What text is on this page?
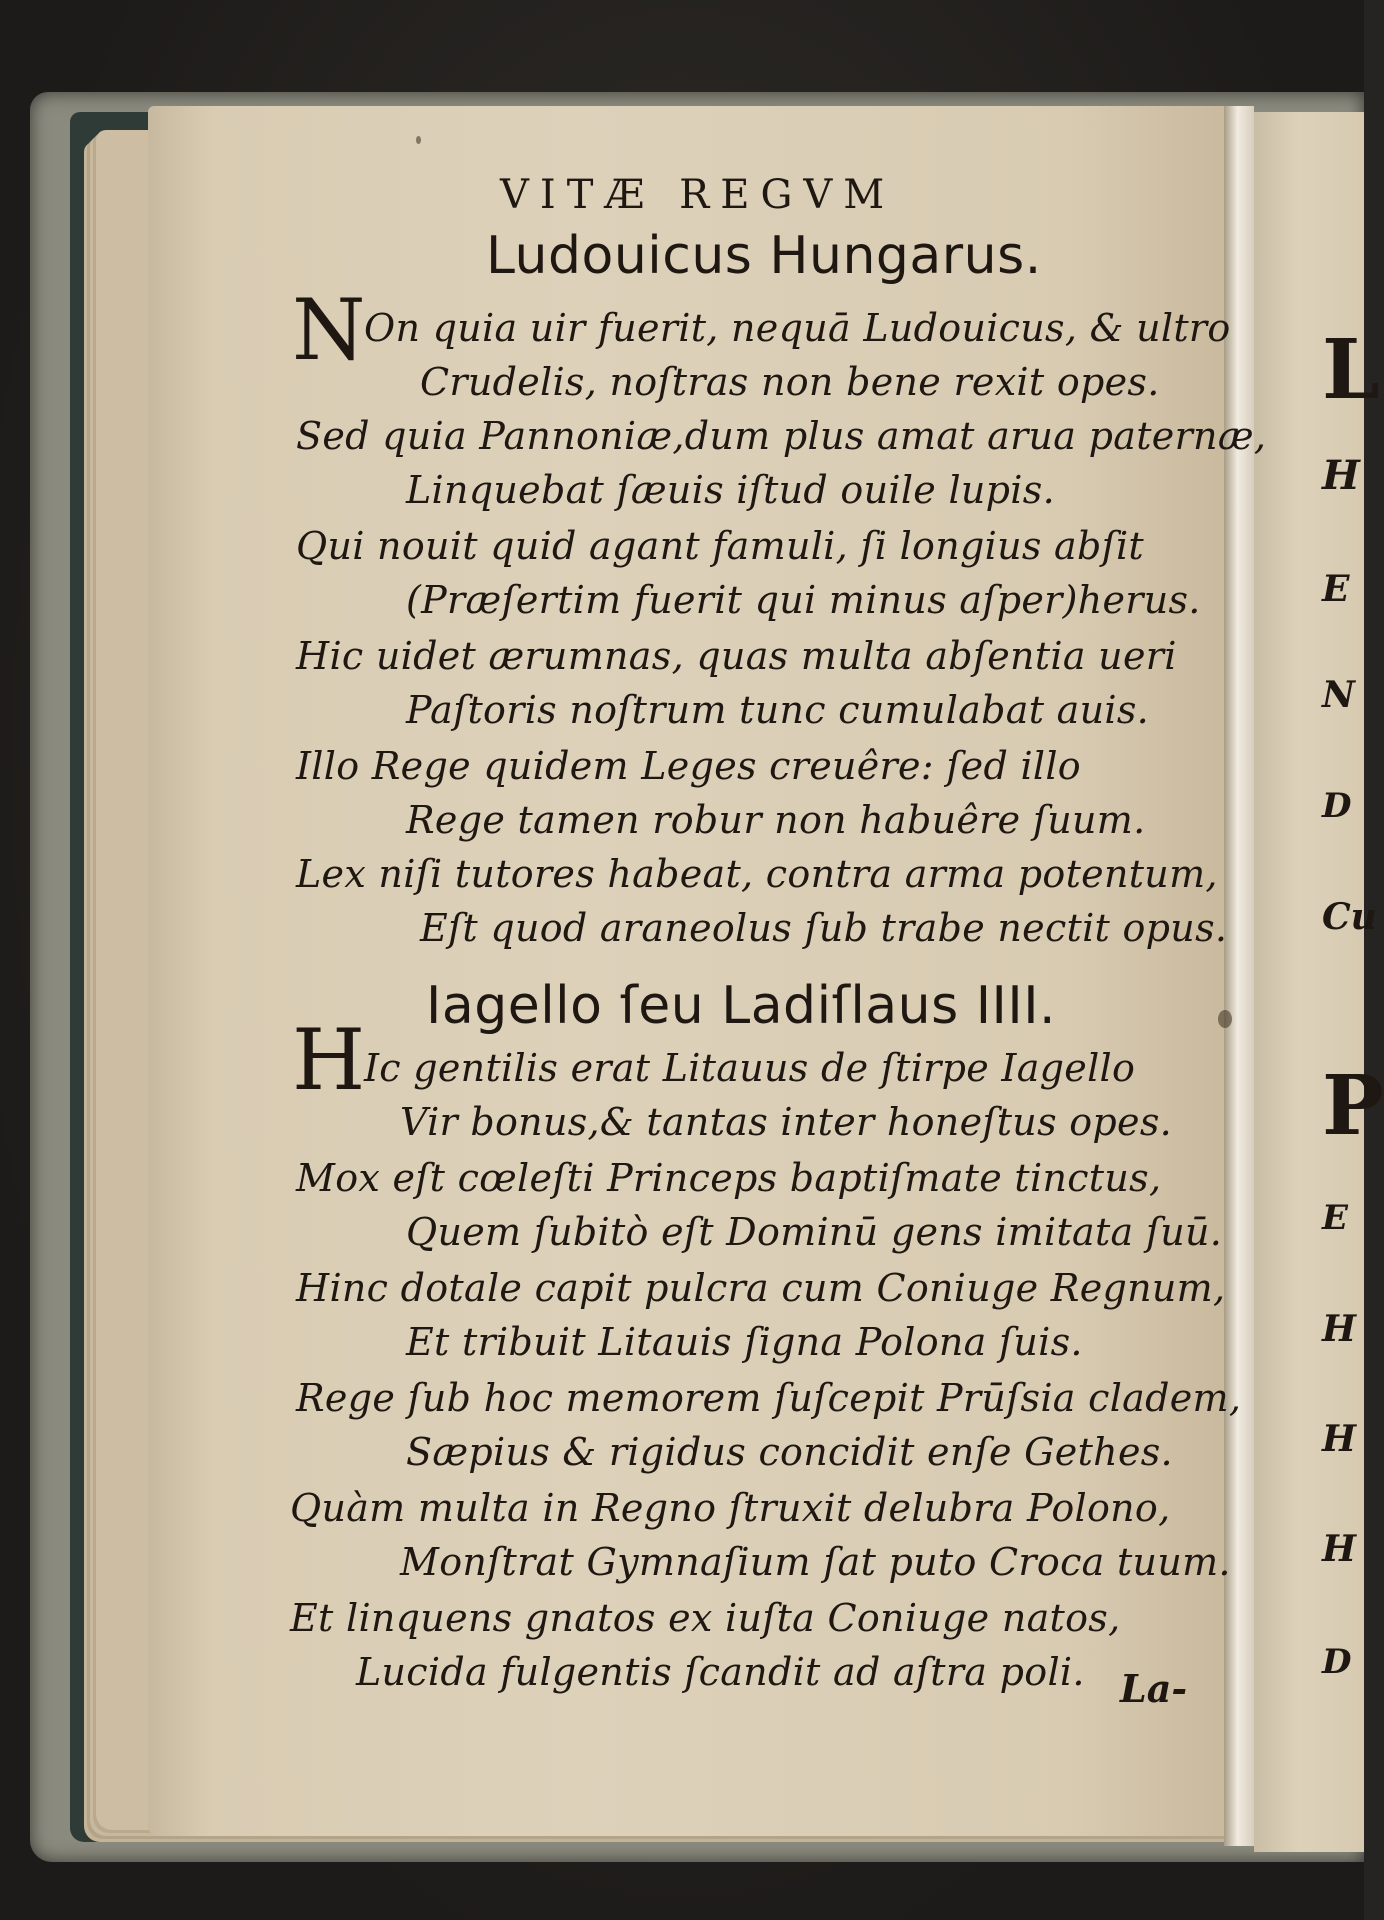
VITÆ REGVM
Ludouicus Hungarus.
N
On quia uir fuerit, nequā Ludouicus, & ultro
Crudelis, noſtras non bene rexit opes.
Sed quia Pannoniæ,dum plus amat arua paternæ,
Linquebat ſæuis iſtud ouile lupis.
Qui nouit quid agant famuli, ſi longius abſit
(Præſertim fuerit qui minus aſper)herus.
Hic uidet ærumnas, quas multa abſentia ueri
Paſtoris noſtrum tunc cumulabat auis.
Illo Rege quidem Leges creuêre: ſed illo
Rege tamen robur non habuêre ſuum.
Lex niſi tutores habeat, contra arma potentum,
Eſt quod araneolus ſub trabe nectit opus.
Iagello ſeu Ladiſlaus IIII.
H
Ic gentilis erat Litauus de ſtirpe Iagello
Vir bonus,& tantas inter honeſtus opes.
Mox eſt cœleſti Princeps baptiſmate tinctus,
Quem ſubitò eſt Dominū gens imitata ſuū.
Hinc dotale capit pulcra cum Coniuge Regnum,
Et tribuit Litauis ſigna Polona ſuis.
Rege ſub hoc memorem ſuſcepit Prūſsia cladem,
Sæpius & rigidus concidit enſe Gethes.
Quàm multa in Regno ſtruxit delubra Polono,
Monſtrat Gymnaſium ſat puto Croca tuum.
Et linquens gnatos ex iuſta Coniuge natos,
Lucida fulgentis ſcandit ad aſtra poli. La-
L
H
E
N
D
Cu
P
E
H
H
H
D
